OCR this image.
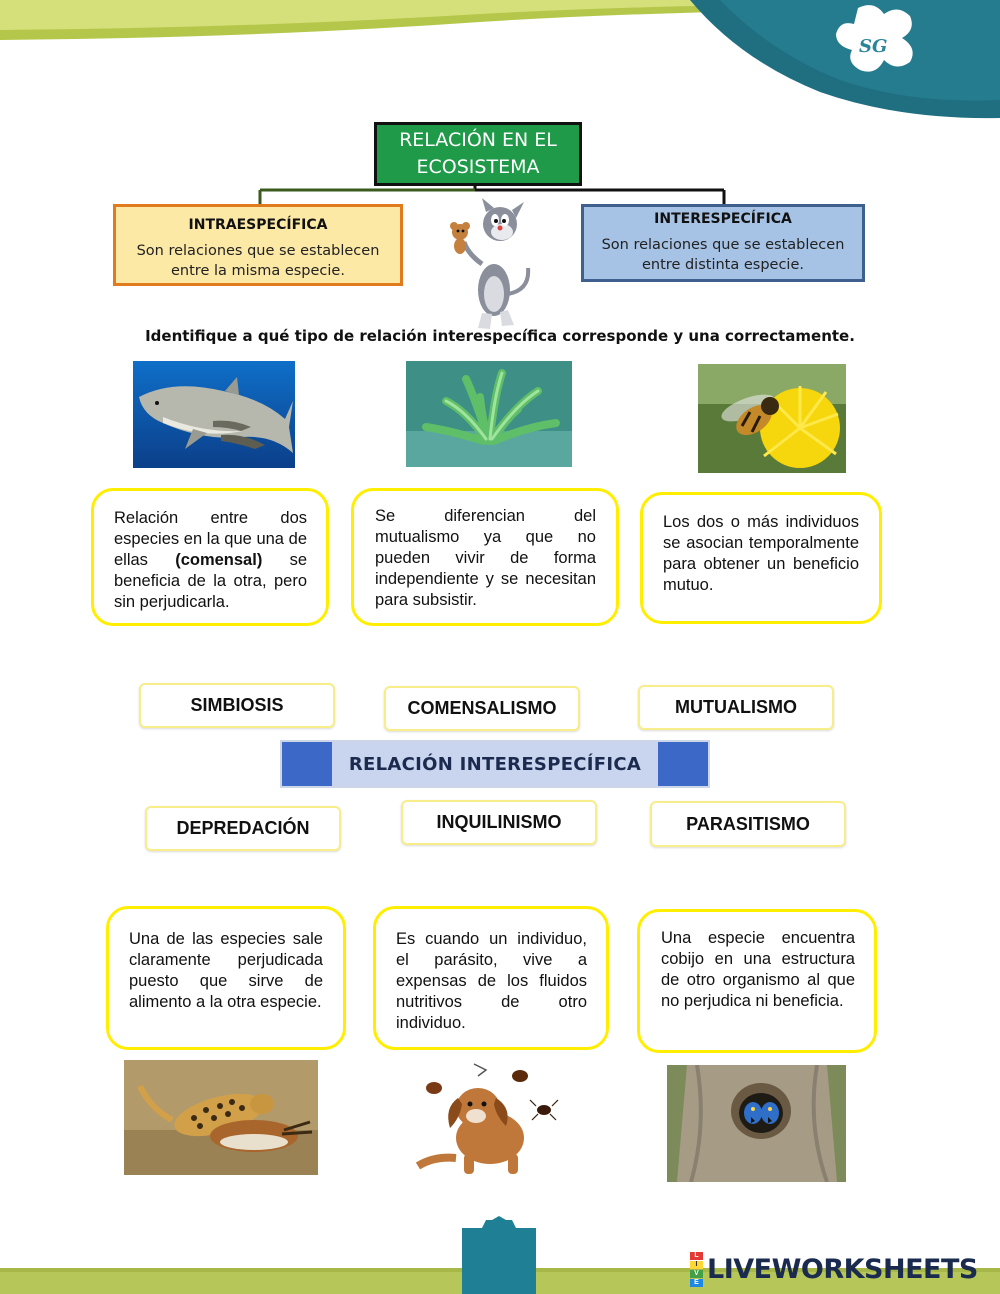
SG
RELACIÓN EN EL ECOSISTEMA
INTRAESPECÍFICA
Son relaciones que se establecen entre la misma especie.
INTERESPECÍFICA
Son relaciones que se establecen entre distinta especie.
Identifique a qué tipo de relación interespecífica corresponde y una correctamente.
Relación entre dos especies en la que una de ellas (comensal) se beneficia de la otra, pero sin perjudicarla.
Se diferencian del mutualismo ya que no pueden vivir de forma independiente y se necesitan para subsistir.
Los dos o más individuos se asocian temporalmente para obtener un beneficio mutuo.
SIMBIOSIS	COMENSALISMO	MUTUALISMO
RELACIÓN INTERESPECÍFICA
DEPREDACIÓN	INQUILINISMO	PARASITISMO
Una de las especies sale claramente perjudicada puesto que sirve de alimento a la otra especie.
Es cuando un individuo, el parásito, vive a expensas de los fluidos nutritivos de otro individuo.
Una especie encuentra cobijo en una estructura de otro organismo al que no perjudica ni beneficia.
L
I
V
E LIVEWORKSHEETS
